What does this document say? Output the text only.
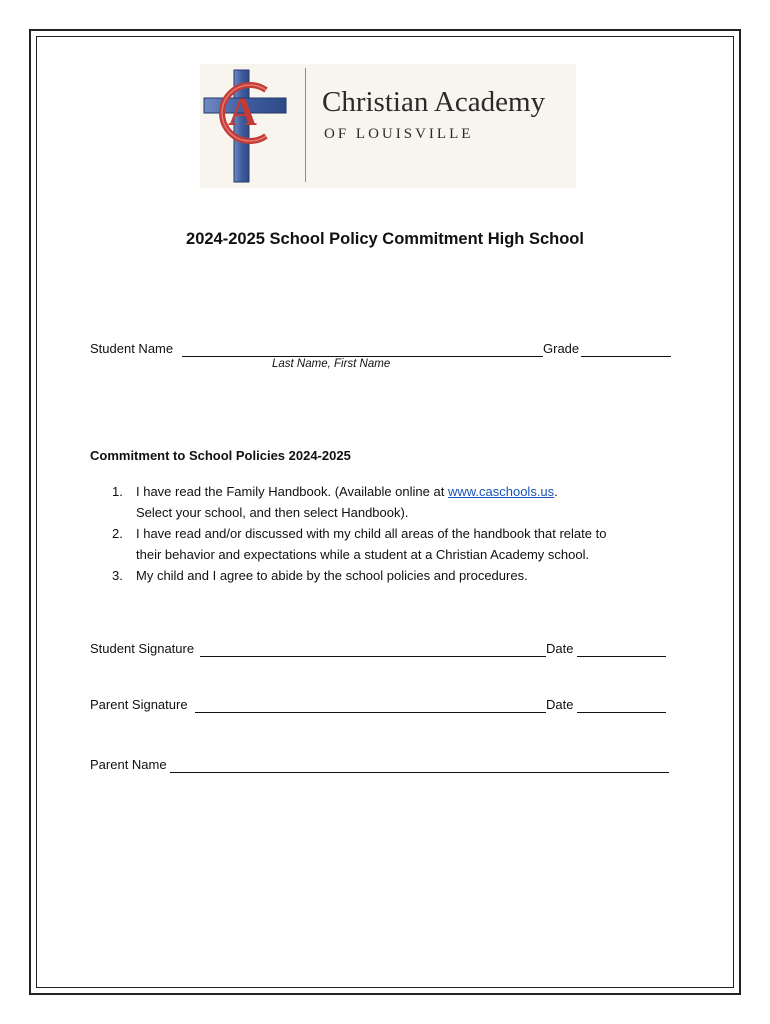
A Christian Academy
OF LOUISVILLE
2024-2025 School Policy Commitment High School
Student Name	Grade
Last Name, First Name
Commitment to School Policies 2024-2025
1.	I have read the Family Handbook. (Available online at www.caschools.us.
Select your school, and then select Handbook).
2.	I have read and/or discussed with my child all areas of the handbook that relate to
their behavior and expectations while a student at a Christian Academy school.
3.	My child and I agree to abide by the school policies and procedures.
Student Signature	Date
Parent Signature	Date
Parent Name
